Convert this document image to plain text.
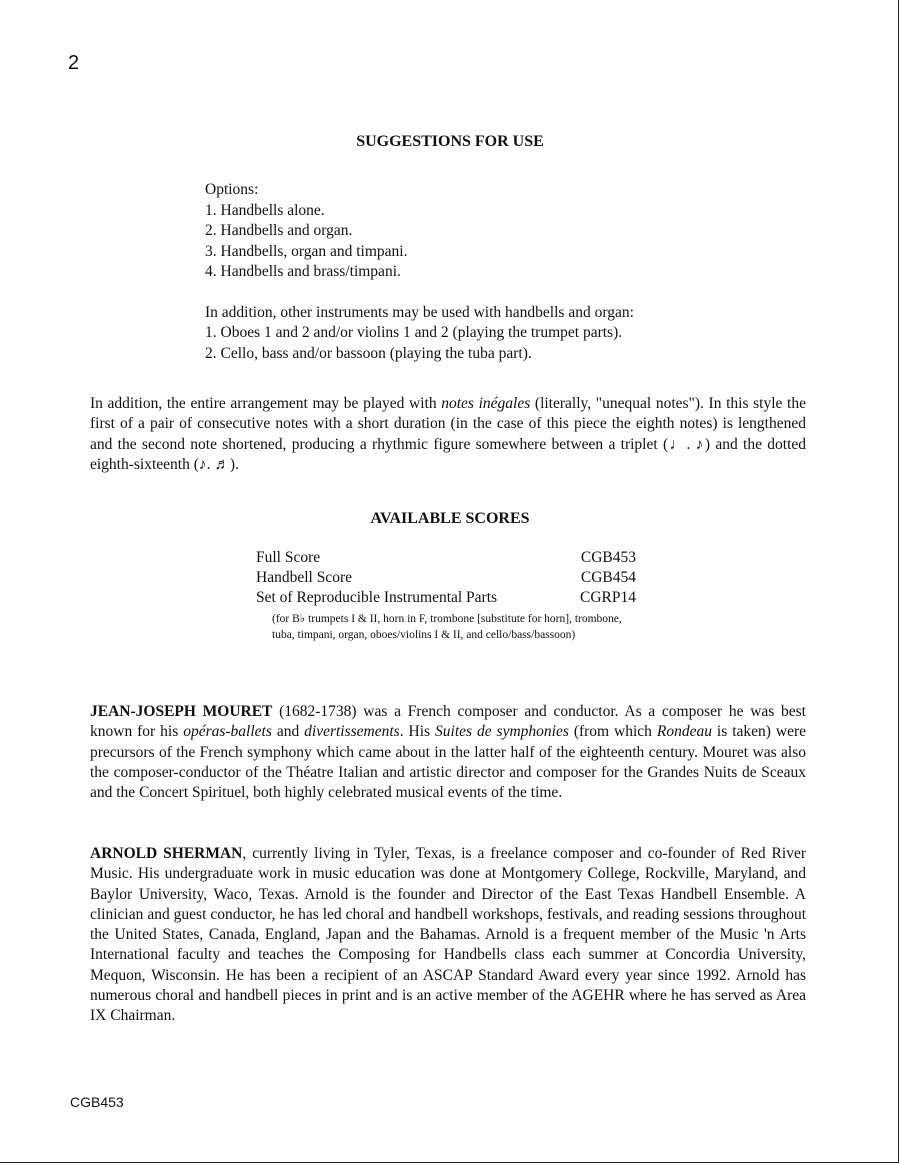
2
SUGGESTIONS FOR USE
Options:
1. Handbells alone.
2. Handbells and organ.
3. Handbells, organ and timpani.
4. Handbells and brass/timpani.
In addition, other instruments may be used with handbells and organ:
1. Oboes 1 and 2 and/or violins 1 and 2 (playing the trumpet parts).
2. Cello, bass and/or bassoon (playing the tuba part).
In addition, the entire arrangement may be played with notes inégales (literally, "unequal notes"). In this style the first of a pair of consecutive notes with a short duration (in the case of this piece the eighth notes) is lengthened and the second note shortened, producing a rhythmic figure somewhere between a triplet (♩. ♪) and the dotted eighth-sixteenth (♪. ♬).
AVAILABLE SCORES
Full Score	CGB453
Handbell Score	CGB454
Set of Reproducible Instrumental Parts	CGRP14
(for B♭ trumpets I & II, horn in F, trombone [substitute for horn], trombone, tuba, timpani, organ, oboes/violins I & II, and cello/bass/bassoon)
JEAN-JOSEPH MOURET (1682-1738) was a French composer and conductor. As a composer he was best known for his opéras-ballets and divertissements. His Suites de symphonies (from which Rondeau is taken) were precursors of the French symphony which came about in the latter half of the eighteenth century. Mouret was also the composer-conductor of the Théatre Italian and artistic director and composer for the Grandes Nuits de Sceaux and the Concert Spirituel, both highly celebrated musical events of the time.
ARNOLD SHERMAN, currently living in Tyler, Texas, is a freelance composer and co-founder of Red River Music. His undergraduate work in music education was done at Montgomery College, Rockville, Maryland, and Baylor University, Waco, Texas. Arnold is the founder and Director of the East Texas Handbell Ensemble. A clinician and guest conductor, he has led choral and handbell workshops, festivals, and reading sessions throughout the United States, Canada, England, Japan and the Bahamas. Arnold is a frequent member of the Music 'n Arts International faculty and teaches the Composing for Handbells class each summer at Concordia University, Mequon, Wisconsin. He has been a recipient of an ASCAP Standard Award every year since 1992. Arnold has numerous choral and handbell pieces in print and is an active member of the AGEHR where he has served as Area IX Chairman.
CGB453
